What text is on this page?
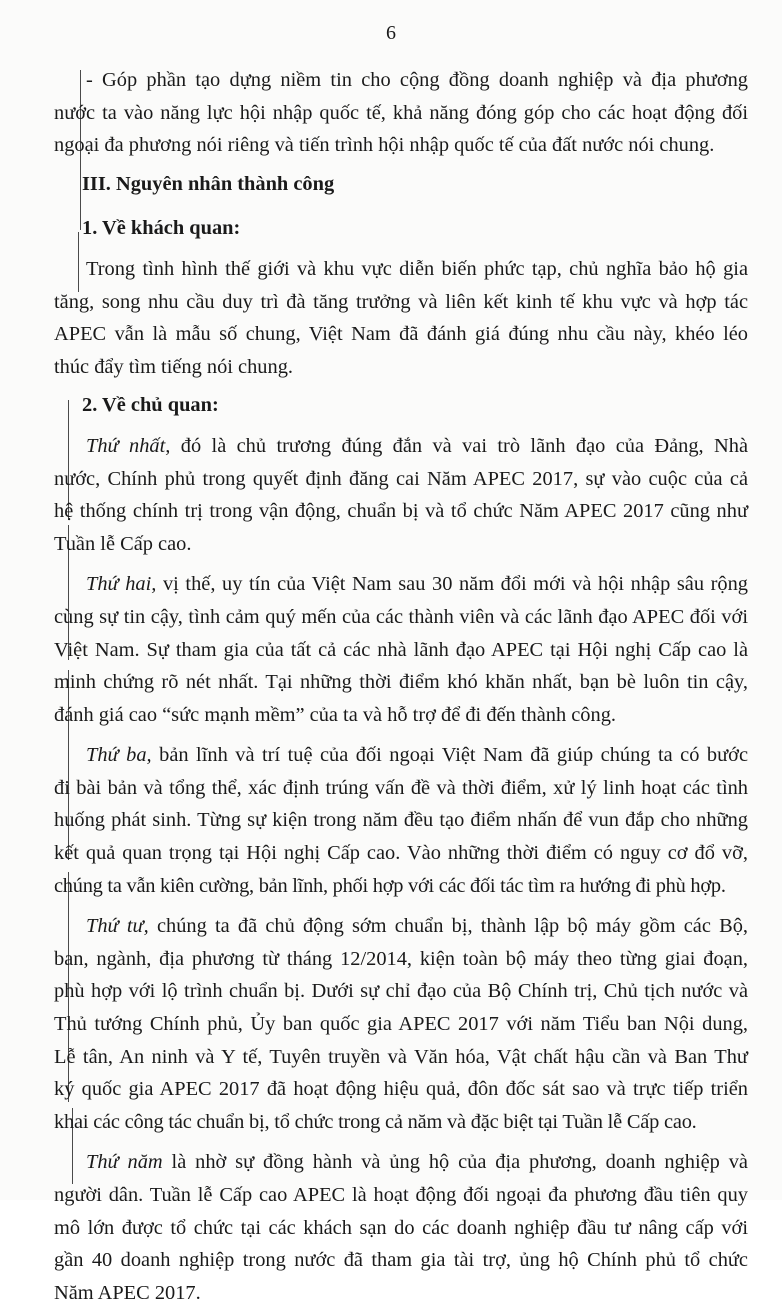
6

- Góp phần tạo dựng niềm tin cho cộng đồng doanh nghiệp và địa phương
nước ta vào năng lực hội nhập quốc tế, khả năng đóng góp cho các hoạt động đối
ngoại đa phương nói riêng và tiến trình hội nhập quốc tế của đất nước nói chung.

III. Nguyên nhân thành công
1. Về khách quan:

Trong tình hình thế giới và khu vực diễn biến phức tạp, chủ nghĩa bảo hộ gia
tăng, song nhu cầu duy trì đà tăng trưởng và liên kết kinh tế khu vực và hợp tác
APEC vẫn là mẫu số chung, Việt Nam đã đánh giá đúng nhu cầu này, khéo léo
thúc đẩy tìm tiếng nói chung.

2. Về chủ quan:

Thứ nhất, đó là chủ trương đúng đắn và vai trò lãnh đạo của Đảng, Nhà
nước, Chính phủ trong quyết định đăng cai Năm APEC 2017, sự vào cuộc của cả
hệ thống chính trị trong vận động, chuẩn bị và tổ chức Năm APEC 2017 cũng như
Tuần lễ Cấp cao.

Thứ hai, vị thế, uy tín của Việt Nam sau 30 năm đổi mới và hội nhập sâu rộng
cùng sự tin cậy, tình cảm quý mến của các thành viên và các lãnh đạo APEC đối với
Việt Nam. Sự tham gia của tất cả các nhà lãnh đạo APEC tại Hội nghị Cấp cao là
minh chứng rõ nét nhất. Tại những thời điểm khó khăn nhất, bạn bè luôn tin cậy,
đánh giá cao “sức mạnh mềm” của ta và hỗ trợ để đi đến thành công.

Thứ ba, bản lĩnh và trí tuệ của đối ngoại Việt Nam đã giúp chúng ta có bước
đi bài bản và tổng thể, xác định trúng vấn đề và thời điểm, xử lý linh hoạt các tình
huống phát sinh. Từng sự kiện trong năm đều tạo điểm nhấn để vun đắp cho những
kết quả quan trọng tại Hội nghị Cấp cao. Vào những thời điểm có nguy cơ đổ vỡ,
chúng ta vẫn kiên cường, bản lĩnh, phối hợp với các đối tác tìm ra hướng đi phù hợp.

Thứ tư, chúng ta đã chủ động sớm chuẩn bị, thành lập bộ máy gồm các Bộ,
ban, ngành, địa phương từ tháng 12/2014, kiện toàn bộ máy theo từng giai đoạn,
phù hợp với lộ trình chuẩn bị. Dưới sự chỉ đạo của Bộ Chính trị, Chủ tịch nước và
Thủ tướng Chính phủ, Ủy ban quốc gia APEC 2017 với năm Tiểu ban Nội dung,
Lễ tân, An ninh và Y tế, Tuyên truyền và Văn hóa, Vật chất hậu cần và Ban Thư
ký quốc gia APEC 2017 đã hoạt động hiệu quả, đôn đốc sát sao và trực tiếp triển
khai các công tác chuẩn bị, tổ chức trong cả năm và đặc biệt tại Tuần lễ Cấp cao.

Thứ năm là nhờ sự đồng hành và ủng hộ của địa phương, doanh nghiệp và
người dân. Tuần lễ Cấp cao APEC là hoạt động đối ngoại đa phương đầu tiên quy
mô lớn được tổ chức tại các khách sạn do các doanh nghiệp đầu tư nâng cấp với
gần 40 doanh nghiệp trong nước đã tham gia tài trợ, ủng hộ Chính phủ tổ chức
Năm APEC 2017.
